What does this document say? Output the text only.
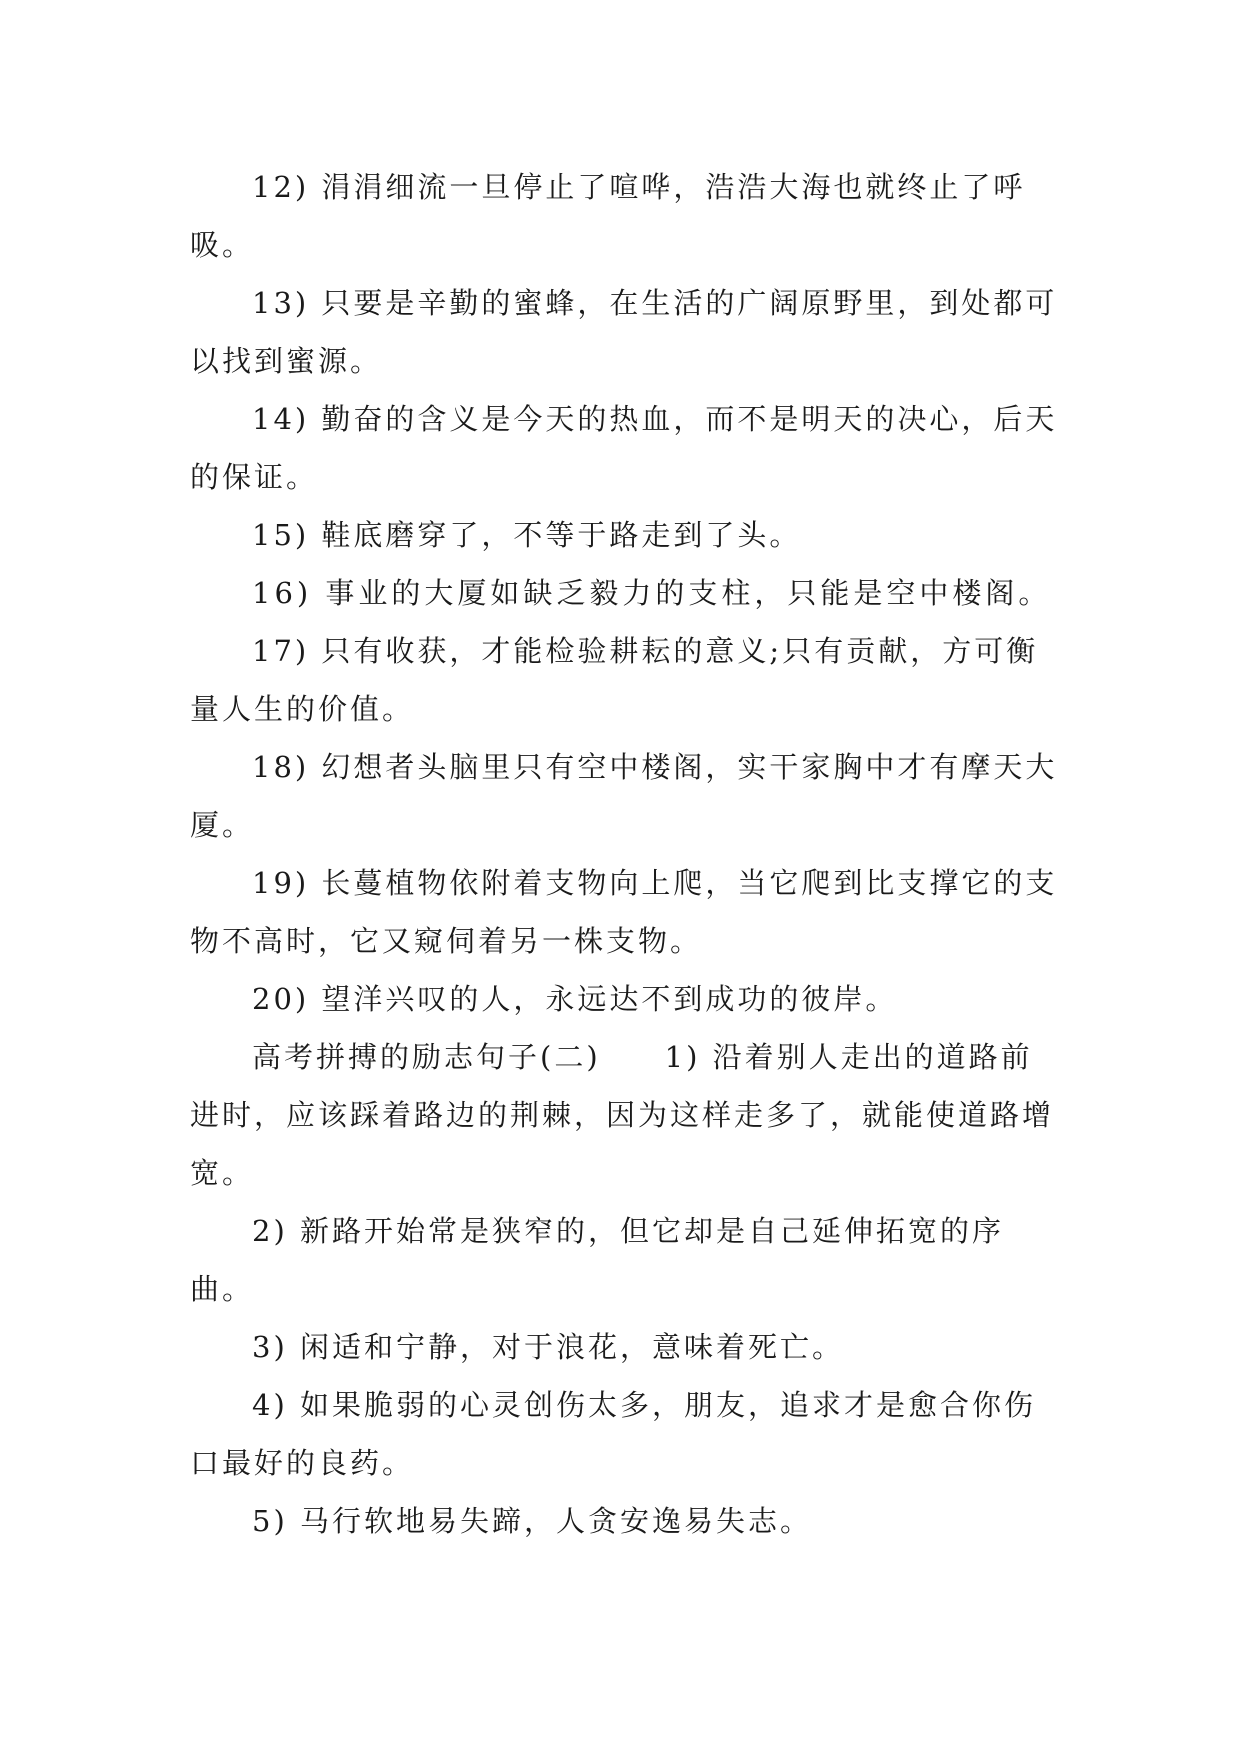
12) 涓涓细流一旦停止了喧哗，浩浩大海也就终止了呼吸。

13) 只要是辛勤的蜜蜂，在生活的广阔原野里，到处都可以找到蜜源。

14) 勤奋的含义是今天的热血，而不是明天的决心，后天的保证。

15) 鞋底磨穿了，不等于路走到了头。

16) 事业的大厦如缺乏毅力的支柱，只能是空中楼阁。

17) 只有收获，才能检验耕耘的意义;只有贡献，方可衡量人生的价值。

18) 幻想者头脑里只有空中楼阁，实干家胸中才有摩天大厦。

19) 长蔓植物依附着支物向上爬，当它爬到比支撑它的支物不高时，它又窥伺着另一株支物。

20) 望洋兴叹的人，永远达不到成功的彼岸。

高考拼搏的励志句子(二)　　1) 沿着别人走出的道路前进时，应该踩着路边的荆棘，因为这样走多了，就能使道路增宽。

2) 新路开始常是狭窄的，但它却是自己延伸拓宽的序曲。

3) 闲适和宁静，对于浪花，意味着死亡。

4) 如果脆弱的心灵创伤太多，朋友，追求才是愈合你伤口最好的良药。

5) 马行软地易失蹄，人贪安逸易失志。
